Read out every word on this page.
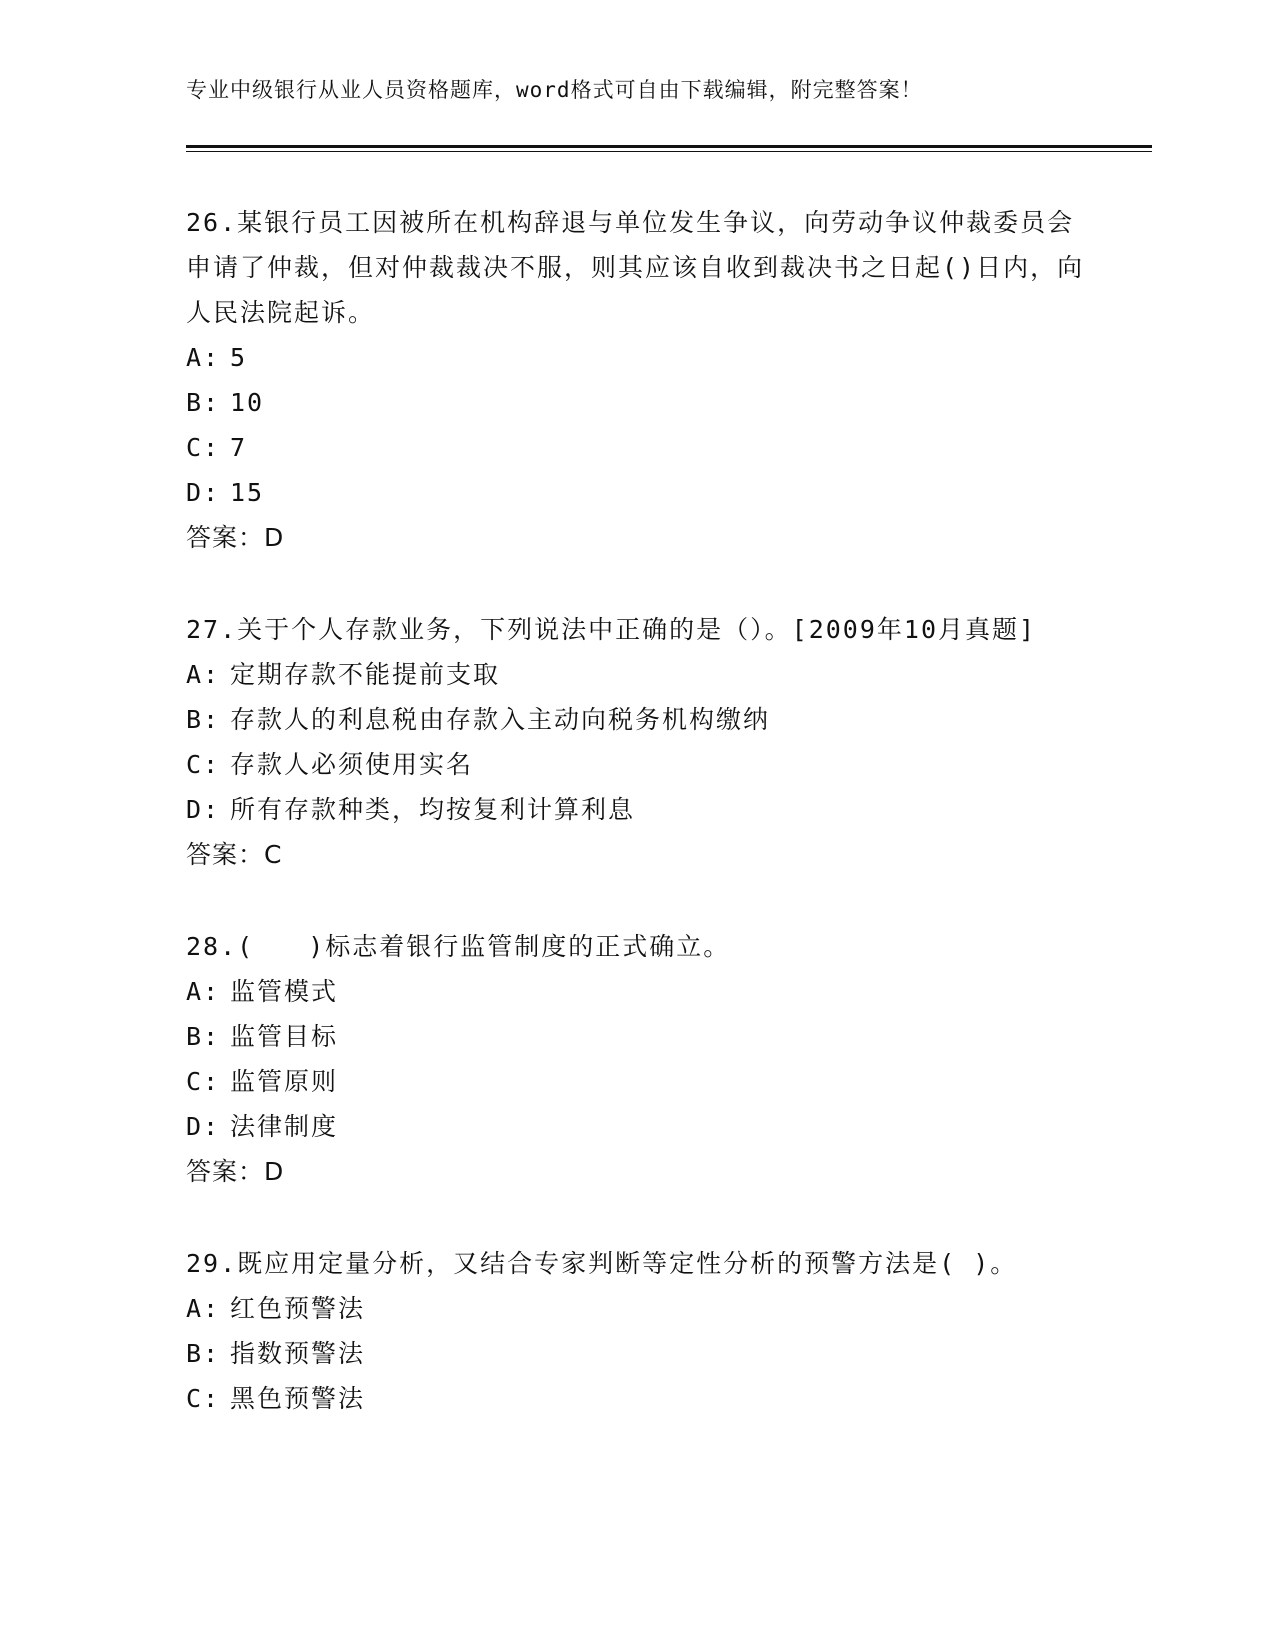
专业中级银行从业人员资格题库，word格式可自由下载编辑，附完整答案！
26.某银行员工因被所在机构辞退与单位发生争议，向劳动争议仲裁委员会申请了仲裁，但对仲裁裁决不服，则其应该自收到裁决书之日起()日内，向人民法院起诉。
A: 5
B: 10
C: 7
D: 15
答案：D
27.关于个人存款业务，下列说法中正确的是（）。[2009年10月真题]
A: 定期存款不能提前支取
B: 存款人的利息税由存款入主动向税务机构缴纳
C: 存款人必须使用实名
D: 所有存款种类，均按复利计算利息
答案：C
28.(　　)标志着银行监管制度的正式确立。
A: 监管模式
B: 监管目标
C: 监管原则
D: 法律制度
答案：D
29.既应用定量分析，又结合专家判断等定性分析的预警方法是( )。
A: 红色预警法
B: 指数预警法
C: 黑色预警法
